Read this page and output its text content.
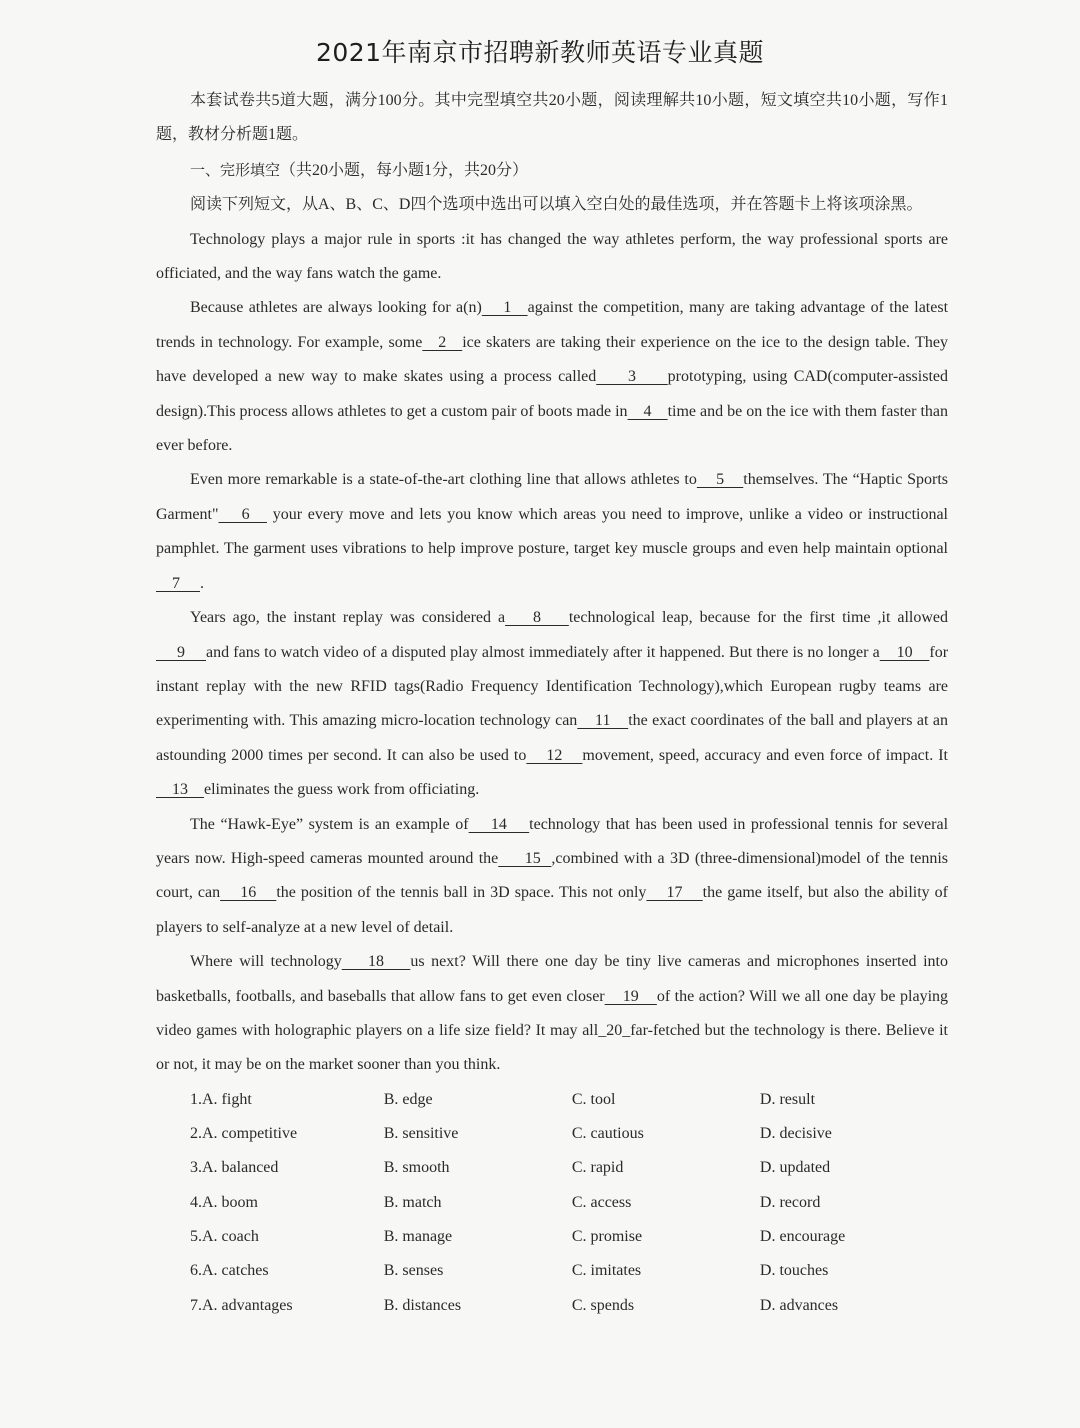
2021年南京市招聘新教师英语专业真题

本套试卷共5道大题，满分100分。其中完型填空共20小题，阅读理解共10小题，短文填空共10小题，写作1题，教材分析题1题。

一、完形填空（共20小题，每小题1分，共20分）

阅读下列短文，从A、B、C、D四个选项中选出可以填入空白处的最佳选项，并在答题卡上将该项涂黑。

Technology plays a major rule in sports :it has changed the way athletes perform, the way professional sports are officiated, and the way fans watch the game.

Because athletes are always looking for a(n)    1   against the competition, many are taking advantage of the latest trends in technology. For example, some   2   ice skaters are taking their experience on the ice to the design table. They have developed a new way to make skates using a process called     3     prototyping, using CAD(computer-assisted design).This process allows athletes to get a custom pair of boots made in    4    time and be on the ice with them faster than ever before.

Even more remarkable is a state-of-the-art clothing line that allows athletes to    5    themselves. The “Haptic Sports Garment"    6    your every move and lets you know which areas you need to improve, unlike a video or instructional pamphlet. The garment uses vibrations to help improve posture, target key muscle groups and even help maintain optional    7     .

Years ago, the instant replay was considered a    8    technological leap, because for the first time ,it allowed     9     and fans to watch video of a disputed play almost immediately after it happened. But there is no longer a    10    for instant replay with the new RFID tags(Radio Frequency Identification Technology),which European rugby teams are experimenting with. This amazing micro-location technology can    11    the exact coordinates of the ball and players at an astounding 2000 times per second. It can also be used to    12    movement, speed, accuracy and even force of impact. It    13    eliminates the guess work from officiating.

The “Hawk-Eye” system is an example of    14    technology that has been used in professional tennis for several years now. High-speed cameras mounted around the     15  ,combined with a 3D (three-dimensional)model of the tennis court, can    16    the position of the tennis ball in 3D space. This not only    17    the game itself, but also the ability of players to self-analyze at a new level of detail.

Where will technology    18    us next? Will there one day be tiny live cameras and microphones inserted into basketballs, footballs, and baseballs that allow fans to get even closer    19    of the action? Will we all one day be playing video games with holographic players on a life size field? It may all_20_far-fetched but the technology is there. Believe it or not, it may be on the market sooner than you think.

1.A. fight	B. edge	C. tool	D. result
2.A. competitive	B. sensitive	C. cautious	D. decisive
3.A. balanced	B. smooth	C. rapid	D. updated
4.A. boom	B. match	C. access	D. record
5.A. coach	B. manage	C. promise	D. encourage
6.A. catches	B. senses	C. imitates	D. touches
7.A. advantages	B. distances	C. spends	D. advances
